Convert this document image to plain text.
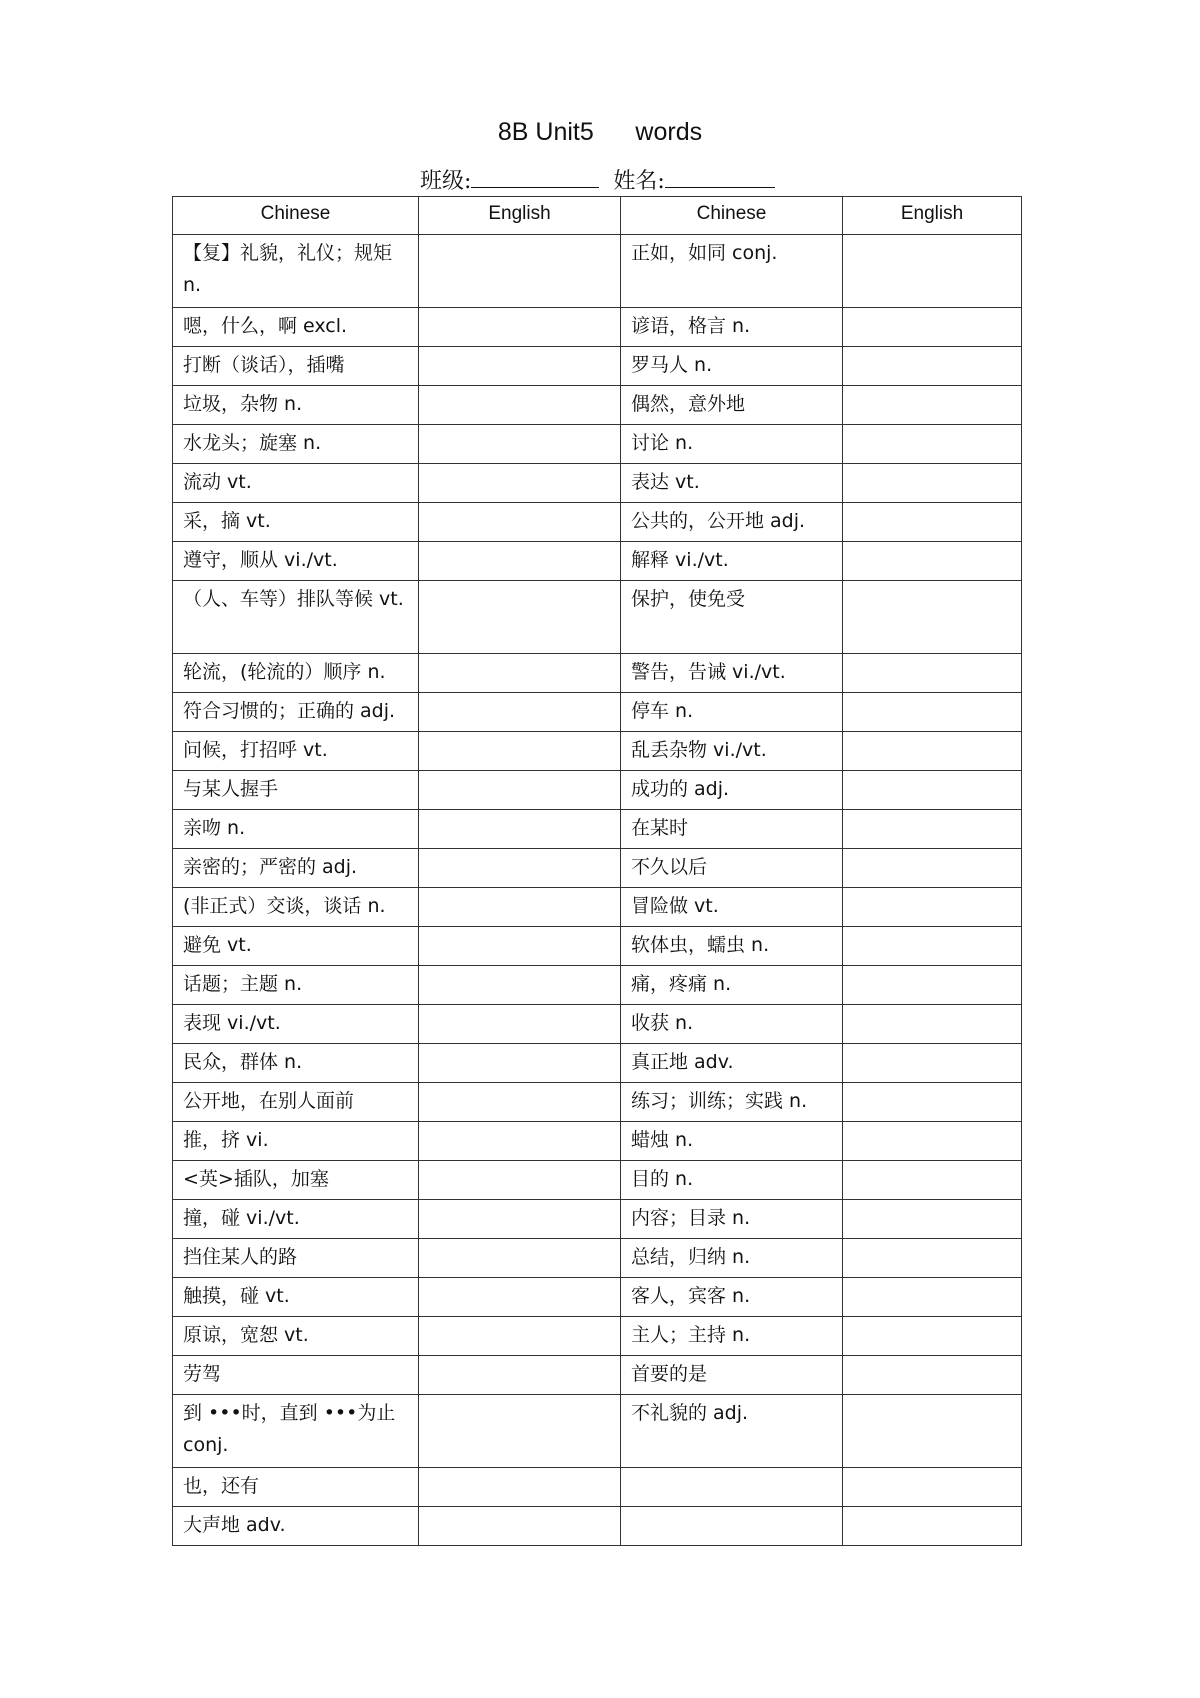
8B Unit5      words
班级:	姓名:
Chinese	English	Chinese	English
【复】礼貌，礼仪；规矩 n.		正如，如同 conj.	
嗯，什么，啊 excl.		谚语，格言 n.	
打断（谈话），插嘴		罗马人 n.	
垃圾，杂物 n.		偶然，意外地	
水龙头；旋塞 n.		讨论 n.	
流动 vt.		表达 vt.	
采，摘 vt.		公共的，公开地 adj.	
遵守，顺从 vi./vt.		解释 vi./vt.	
（人、车等）排队等候 vt.		保护，使免受	
轮流，(轮流的）顺序 n.		警告，告诫 vi./vt.	
符合习惯的；正确的 adj.		停车 n.	
问候，打招呼 vt.		乱丢杂物 vi./vt.	
与某人握手		成功的 adj.	
亲吻 n.		在某时	
亲密的；严密的 adj.		不久以后	
(非正式）交谈，谈话 n.		冒险做 vt.	
避免 vt.		软体虫，蠕虫 n.	
话题；主题 n.		痛，疼痛 n.	
表现 vi./vt.		收获 n.	
民众，群体 n.		真正地 adv.	
公开地，在别人面前		练习；训练；实践 n.	
推，挤 vi.		蜡烛 n.	
<英>插队，加塞		目的 n.	
撞，碰 vi./vt.		内容；目录 n.	
挡住某人的路		总结，归纳 n.	
触摸，碰 vt.		客人，宾客 n.	
原谅，宽恕 vt.		主人；主持 n.	
劳驾		首要的是	
到 •••时，直到 •••为止 conj.		不礼貌的 adj.	
也，还有			
大声地 adv.			
